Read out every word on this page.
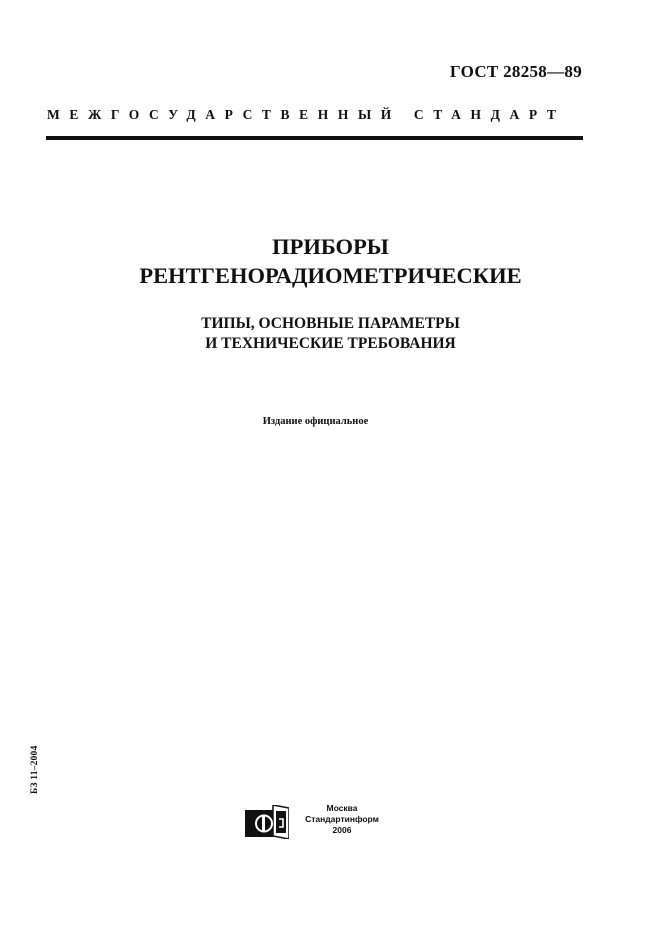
ГОСТ 28258—89
МЕЖГОСУДАРСТВЕННЫЙ СТАНДАРТ
ПРИБОРЫ
РЕНТГЕНОРАДИОМЕТРИЧЕСКИЕ
ТИПЫ, ОСНОВНЫЕ ПАРАМЕТРЫ
И ТЕХНИЧЕСКИЕ ТРЕБОВАНИЯ
Издание официальное
БЗ 11–2004
Москва
Стандартинформ
2006
